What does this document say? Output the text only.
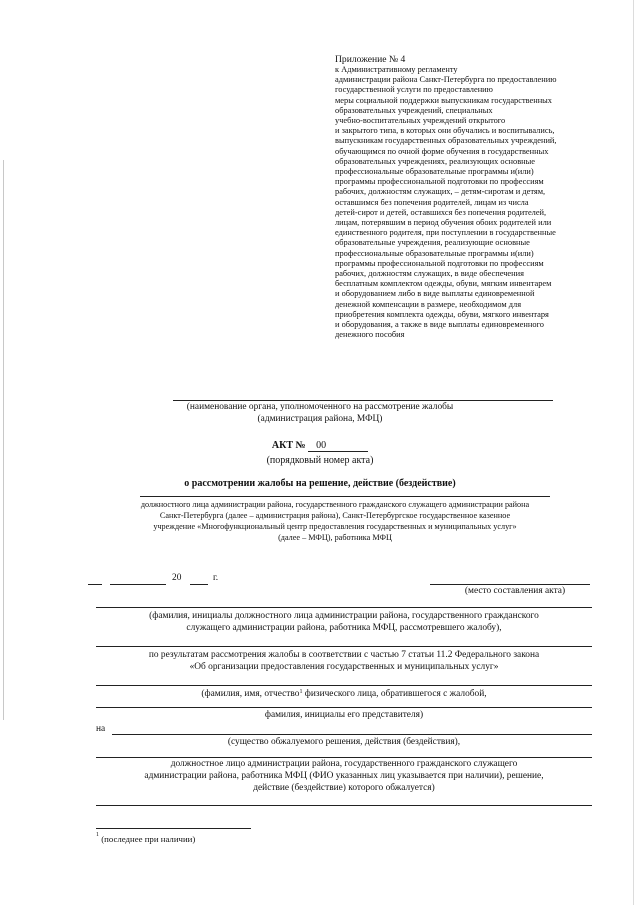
Приложение № 4
к Административному регламенту
администрации района Санкт-Петербурга по предоставлению
государственной услуги по предоставлению
меры социальной поддержки выпускникам государственных
образовательных учреждений, специальных
учебно-воспитательных учреждений открытого
и закрытого типа, в которых они обучались и воспитывались,
выпускникам государственных образовательных учреждений,
обучающимся по очной форме обучения в государственных
образовательных учреждениях, реализующих основные
профессиональные образовательные программы и(или)
программы профессиональной подготовки по профессиям
рабочих, должностям служащих, – детям-сиротам и детям,
оставшимся без попечения родителей, лицам из числа
детей-сирот и детей, оставшихся без попечения родителей,
лицам, потерявшим в период обучения обоих родителей или
единственного родителя, при поступлении в государственные
образовательные учреждения, реализующие основные
профессиональные образовательные программы и(или)
программы профессиональной подготовки по профессиям
рабочих, должностям служащих, в виде обеспечения
бесплатным комплектом одежды, обуви, мягким инвентарем
и оборудованием либо в виде выплаты единовременной
денежной компенсации в размере, необходимом для
приобретения комплекта одежды, обуви, мягкого инвентаря
и оборудования, а также в виде выплаты единовременного
денежного пособия
(наименование органа, уполномоченного на рассмотрение жалобы
(администрация района, МФЦ)
АКТ № 00
(порядковый номер акта)
о рассмотрении жалобы на решение, действие (бездействие)
должностного лица администрации района, государственного гражданского служащего администрации района
Санкт-Петербурга (далее – администрация района), Санкт-Петербургское государственное казенное
учреждение «Многофункциональный центр предоставления государственных и муниципальных услуг»
(далее – МФЦ), работника МФЦ
20	г.
(место составления акта)
(фамилия, инициалы должностного лица администрации района, государственного гражданского
служащего администрации района, работника МФЦ, рассмотревшего жалобу),
по результатам рассмотрения жалобы в соответствии с частью 7 статьи 11.2 Федерального закона
«Об организации предоставления государственных и муниципальных услуг»
(фамилия, имя, отчество$^1$ физического лица, обратившегося с жалобой,
фамилия, инициалы его представителя)
на
(существо обжалуемого решения, действия (бездействия),
должностное лицо администрации района, государственного гражданского служащего
администрации района, работника МФЦ (ФИО указанных лиц указывается при наличии), решение,
действие (бездействие) которого обжалуется)
$^1$ (последнее при наличии)
